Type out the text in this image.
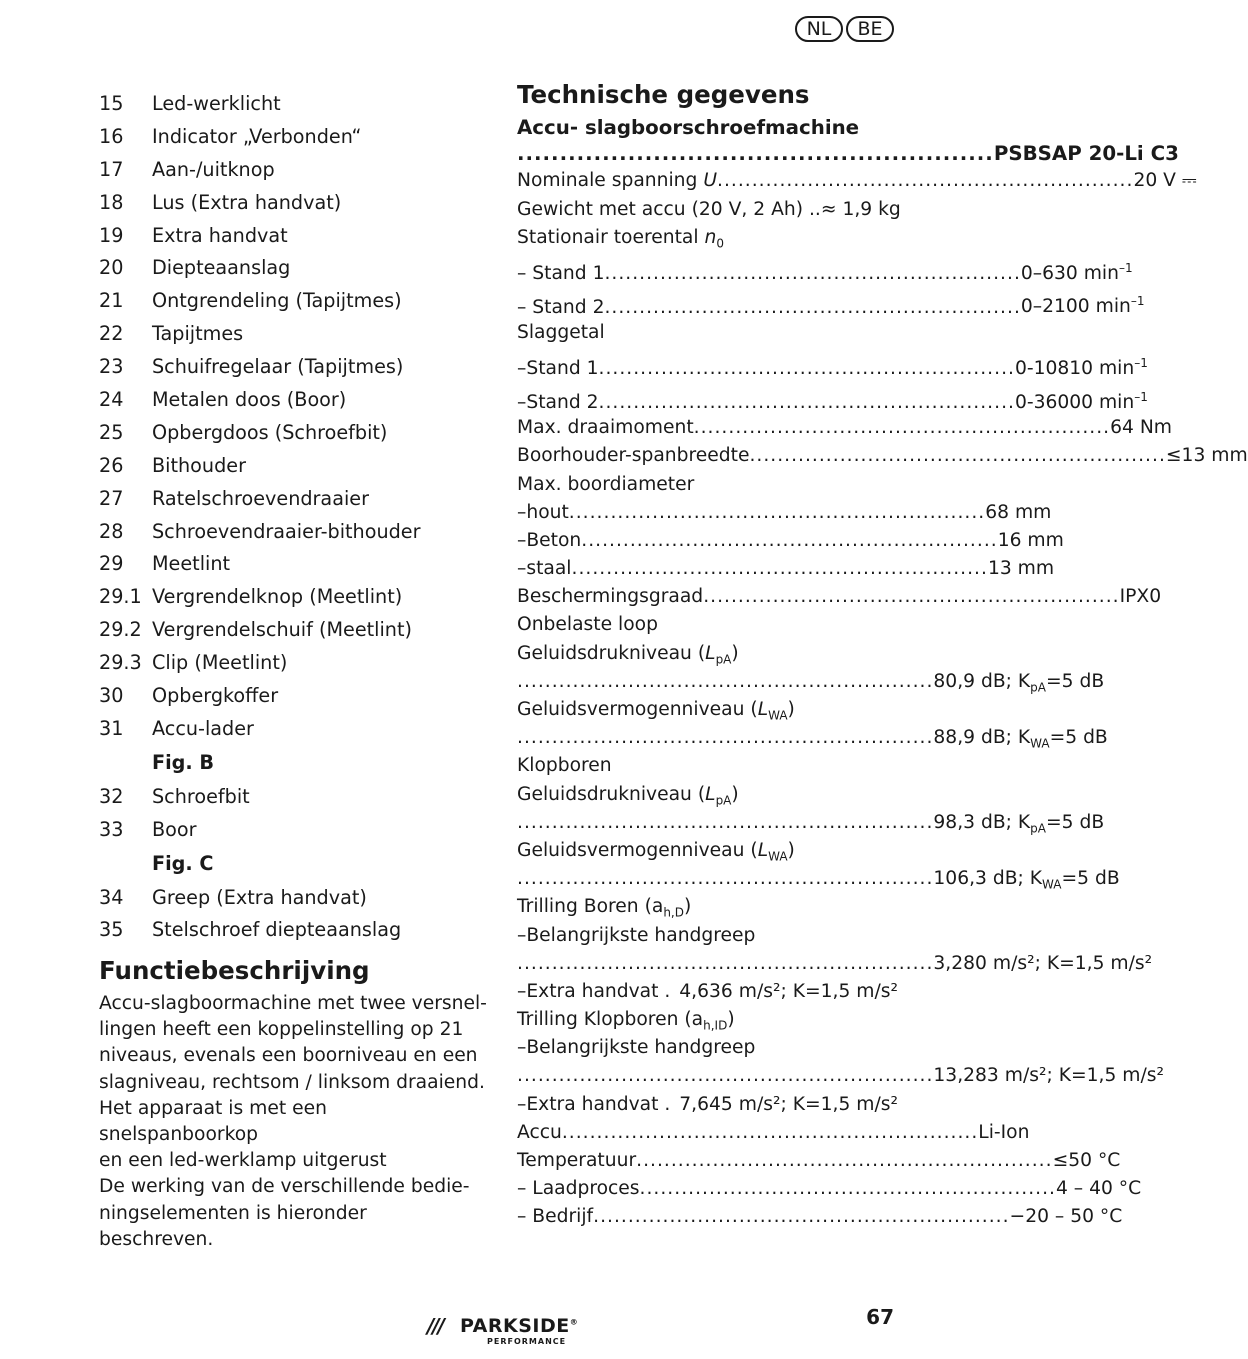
NL	BE
15	Led-werklicht
16	Indicator „Verbonden“
17	Aan-/uitknop
18	Lus (Extra handvat)
19	Extra handvat
20	Diepteaanslag
21	Ontgrendeling (Tapijtmes)
22	Tapijtmes
23	Schuifregelaar (Tapijtmes)
24	Metalen doos (Boor)
25	Opbergdoos (Schroefbit)
26	Bithouder
27	Ratelschroevendraaier
28	Schroevendraaier-bithouder
29	Meetlint
29.1 Vergrendelknop (Meetlint)
29.2 Vergrendelschuif (Meetlint)
29.3 Clip (Meetlint)
30	Opbergkoffer
31	Accu-lader
Fig. B
32	Schroefbit
33	Boor
Fig. C
34	Greep (Extra handvat)
35	Stelschroef diepteaanslag
Functiebeschrijving

Accu-slagboormachine met twee versnel-
lingen heeft een koppelinstelling op 21
niveaus, evenals een boorniveau en een
slagniveau, rechtsom / linksom draaiend.
Het apparaat is met een snelspanboorkop
en een led-werklamp uitgerust

De werking van de verschillende bedie-
ningselementen is hieronder beschreven.

Technische gegevens
Accu- slagboorschroefmachine
........................................................ PSBSAP 20-Li C3
Nominale spanning U ............................................................ 20 V ⎓
Gewicht met accu (20 V, 2 Ah) .. ≈ 1,9 kg
Stationair toerental $n_0$
– Stand 1 ............................................................ 0–630 $\min^{-1}$
– Stand 2 ............................................................ 0–2100 $\min^{-1}$
Slaggetal
–Stand 1 ............................................................ 0-10810 $\min^{-1}$
–Stand 2 ............................................................ 0-36000 $\min^{-1}$
Max. draaimoment ............................................................ 64 Nm
Boorhouder-spanbreedte ............................................................ ≤13 mm
Max. boordiameter
–hout ............................................................ 68 mm
–Beton ............................................................ 16 mm
–staal ............................................................ 13 mm
Beschermingsgraad ............................................................ IPX0
Onbelaste loop
Geluidsdrukniveau $(L_{pA})$
............................................................ 80,9 dB; $K_{pA}=5$ dB
Geluidsvermogenniveau $(L_{WA})$
............................................................ 88,9 dB; $K_{WA}=5$ dB
Klopboren
Geluidsdrukniveau $(L_{pA})$
............................................................ 98,3 dB; $K_{pA}=5$ dB
Geluidsvermogenniveau $(L_{WA})$
............................................................ 106,3 dB; $K_{WA}=5$ dB
Trilling Boren $(a_{h,D})$
–Belangrijkste handgreep
............................................................ 3,280 m/s²; K=1,5 m/s²
–Extra handvat . 4,636 m/s²; K=1,5 m/s²
Trilling Klopboren $(a_{h,ID})$
–Belangrijkste handgreep
............................................................ 13,283 m/s²; K=1,5 m/s²
–Extra handvat . 7,645 m/s²; K=1,5 m/s²
Accu ............................................................ Li-Ion
Temperatuur ............................................................ ≤50 °C
– Laadproces ............................................................ 4 – 40 °C
– Bedrijf ............................................................ −20 – 50 °C
/// PARKSIDE®
PERFORMANCE
67
